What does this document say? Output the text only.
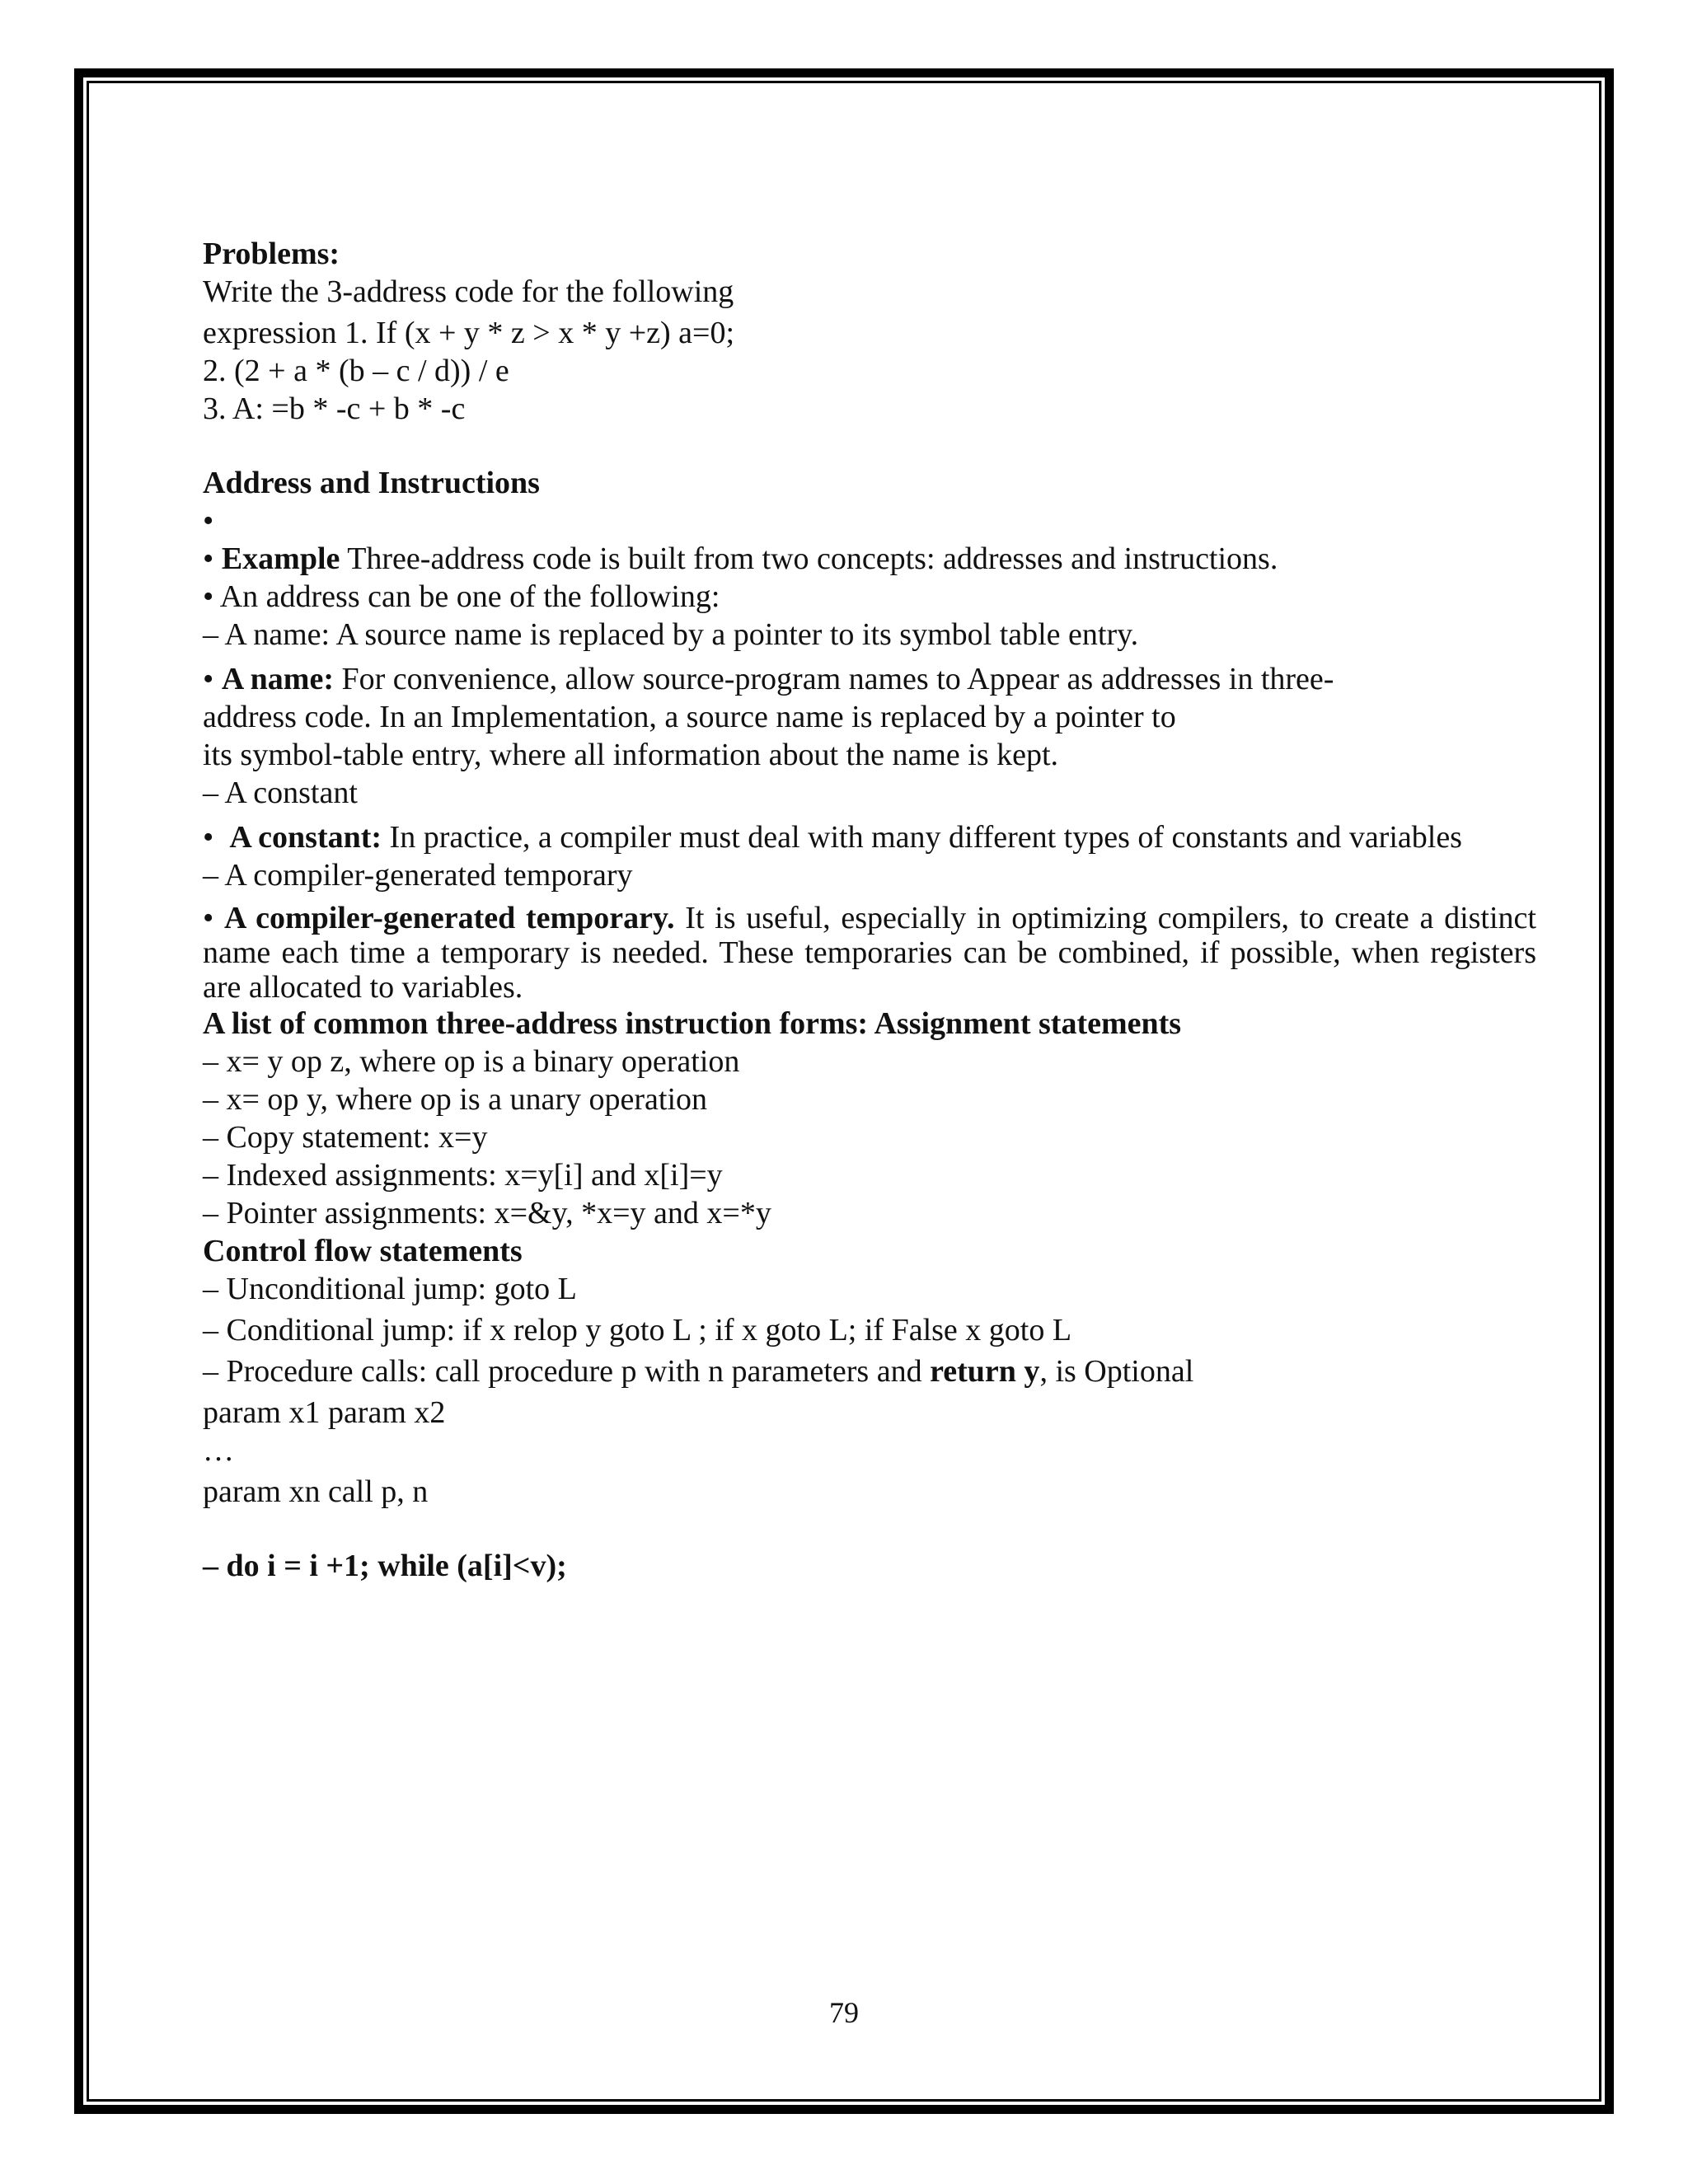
Problems:
Write the 3-address code for the following
expression 1. If (x + y * z > x * y +z) a=0;
2. (2 + a * (b – c / d)) / e
3. A: =b * -c + b * -c
Address and Instructions
•
• Example Three-address code is built from two concepts: addresses and instructions.
• An address can be one of the following:
– A name: A source name is replaced by a pointer to its symbol table entry.
• A name: For convenience, allow source-program names to Appear as addresses in three-
address code. In an Implementation, a source name is replaced by a pointer to
its symbol-table entry, where all information about the name is kept.
– A constant
•  A constant: In practice, a compiler must deal with many different types of constants and variables
– A compiler-generated temporary
• A compiler-generated temporary. It is useful, especially in optimizing compilers, to create a distinct name each time a temporary is needed. These temporaries can be combined, if possible, when registers are allocated to variables.
A list of common three-address instruction forms: Assignment statements
– x= y op z, where op is a binary operation
– x= op y, where op is a unary operation
– Copy statement: x=y
– Indexed assignments: x=y[i] and x[i]=y
– Pointer assignments: x=&y, *x=y and x=*y
Control flow statements
– Unconditional jump: goto L
– Conditional jump: if x relop y goto L ; if x goto L; if False x goto L
– Procedure calls: call procedure p with n parameters and return y, is Optional
param x1 param x2
…
param xn call p, n
– do i = i +1; while (a[i]<v);
79
